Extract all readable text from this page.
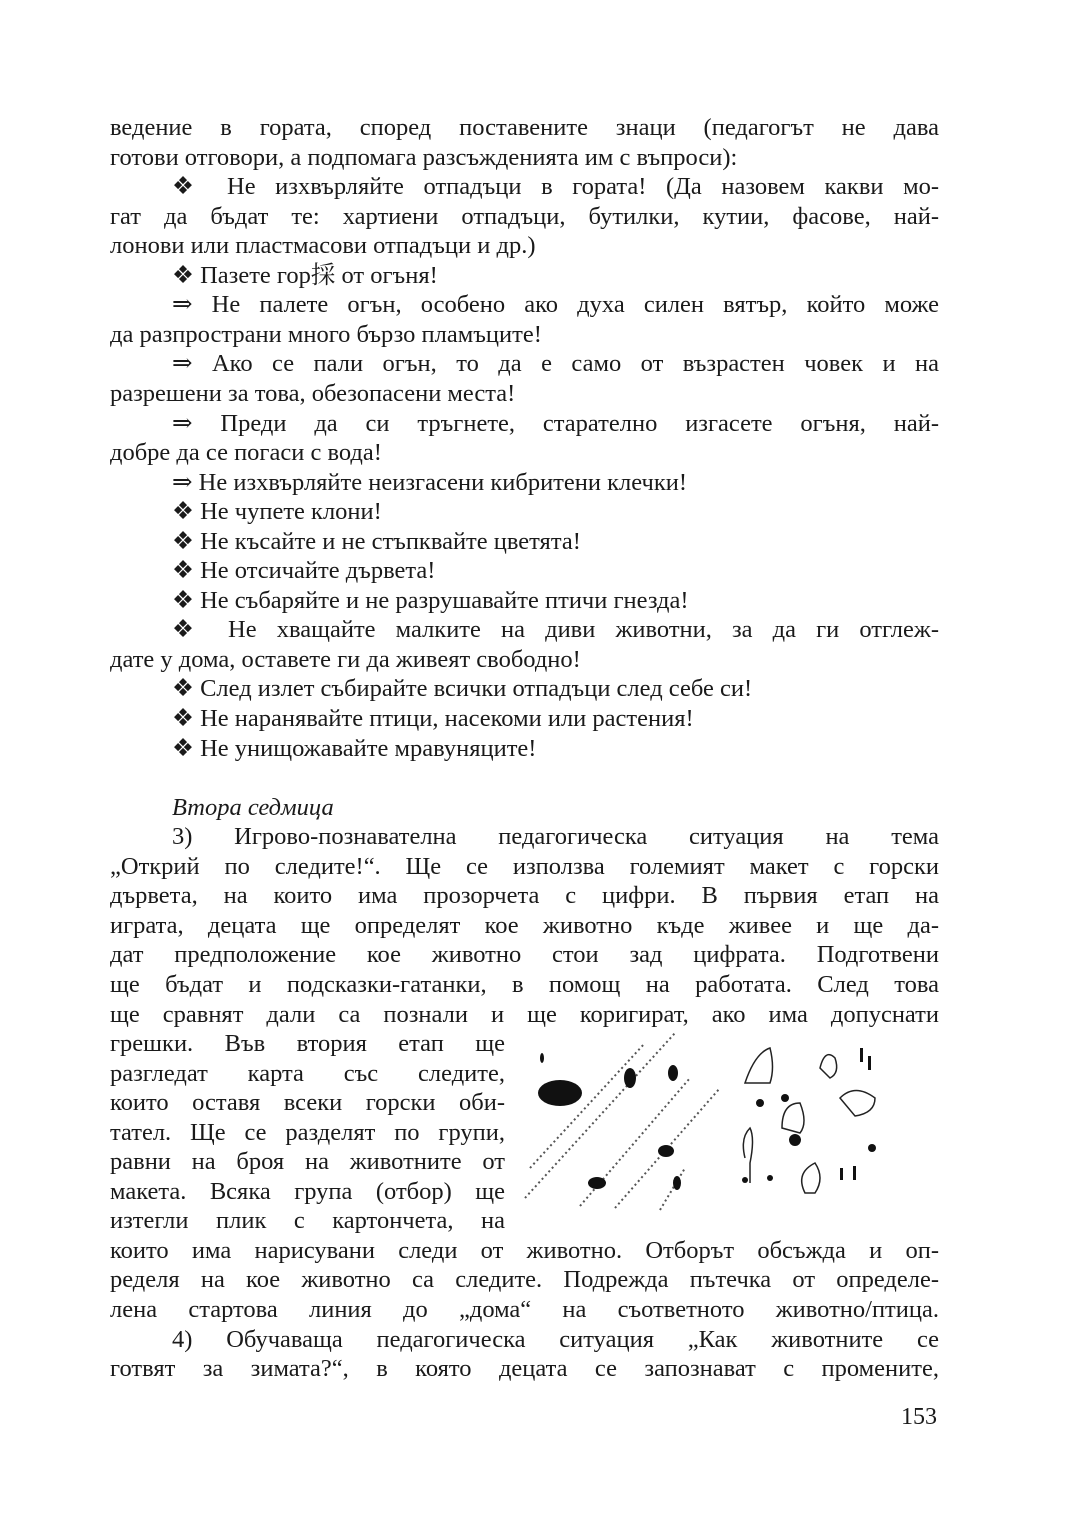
ведение в гората, според поставените знаци (педагогът не дава
готови отговори, а подпомага разсъжденията им с въпроси):
❖ Не изхвърляйте отпадъци в гората! (Да назовем какви мо-
гат да бъдат те: хартиени отпадъци, бутилки, кутии, фасове, най-
лонови или пластмасови отпадъци и др.)
❖ Пазете гор採 от огъня!
⇒ Не палете огън, особено ако духа силен вятър, който може
да разпространи много бързо пламъците!
⇒ Ако се пали огън, то да е само от възрастен човек и на
разрешени за това, обезопасени места!
⇒ Преди да си тръгнете, старателно изгасете огъня, най-
добре да се погаси с вода!
⇒ Не изхвърляйте неизгасени кибритени клечки!
❖ Не чупете клони!
❖ Не късайте и не стъпквайте цветята!
❖ Не отсичайте дървета!
❖ Не събаряйте и не разрушавайте птичи гнезда!
❖ Не хващайте малките на диви животни, за да ги отглеж-
дате у дома, оставете ги да живеят свободно!
❖ След излет събирайте всички отпадъци след себе си!
❖ Не наранявайте птици, насекоми или растения!
❖ Не унищожавайте мравуняците!
Втора седмица
3) Игрово-познавателна педагогическа ситуация на тема
„Открий по следите!“. Ще се използва големият макет с горски
дървета, на които има прозорчета с цифри. В първия етап на
играта, децата ще определят кое животно къде живее и ще да-
дат предположение кое животно стои зад цифрата. Подготвени
ще бъдат и подсказки-гатанки, в помощ на работата. След това
ще сравнят дали са познали и ще коригират, ако има допуснати
грешки. Във втория етап ще
разгледат карта със следите,
които оставя всеки горски оби-
тател. Ще се разделят по групи,
равни на броя на животните от
макета. Всяка група (отбор) ще
изтегли плик с картончета, на
които има нарисувани следи от животно. Отборът обсъжда и оп-
ределя на кое животно са следите. Подрежда пътечка от определе-
лена стартова линия до „дома“ на съответното животно/птица.
4) Обучаваща педагогическа ситуация „Как животните се
готвят за зимата?“, в която децата се запознават с промените,
153
